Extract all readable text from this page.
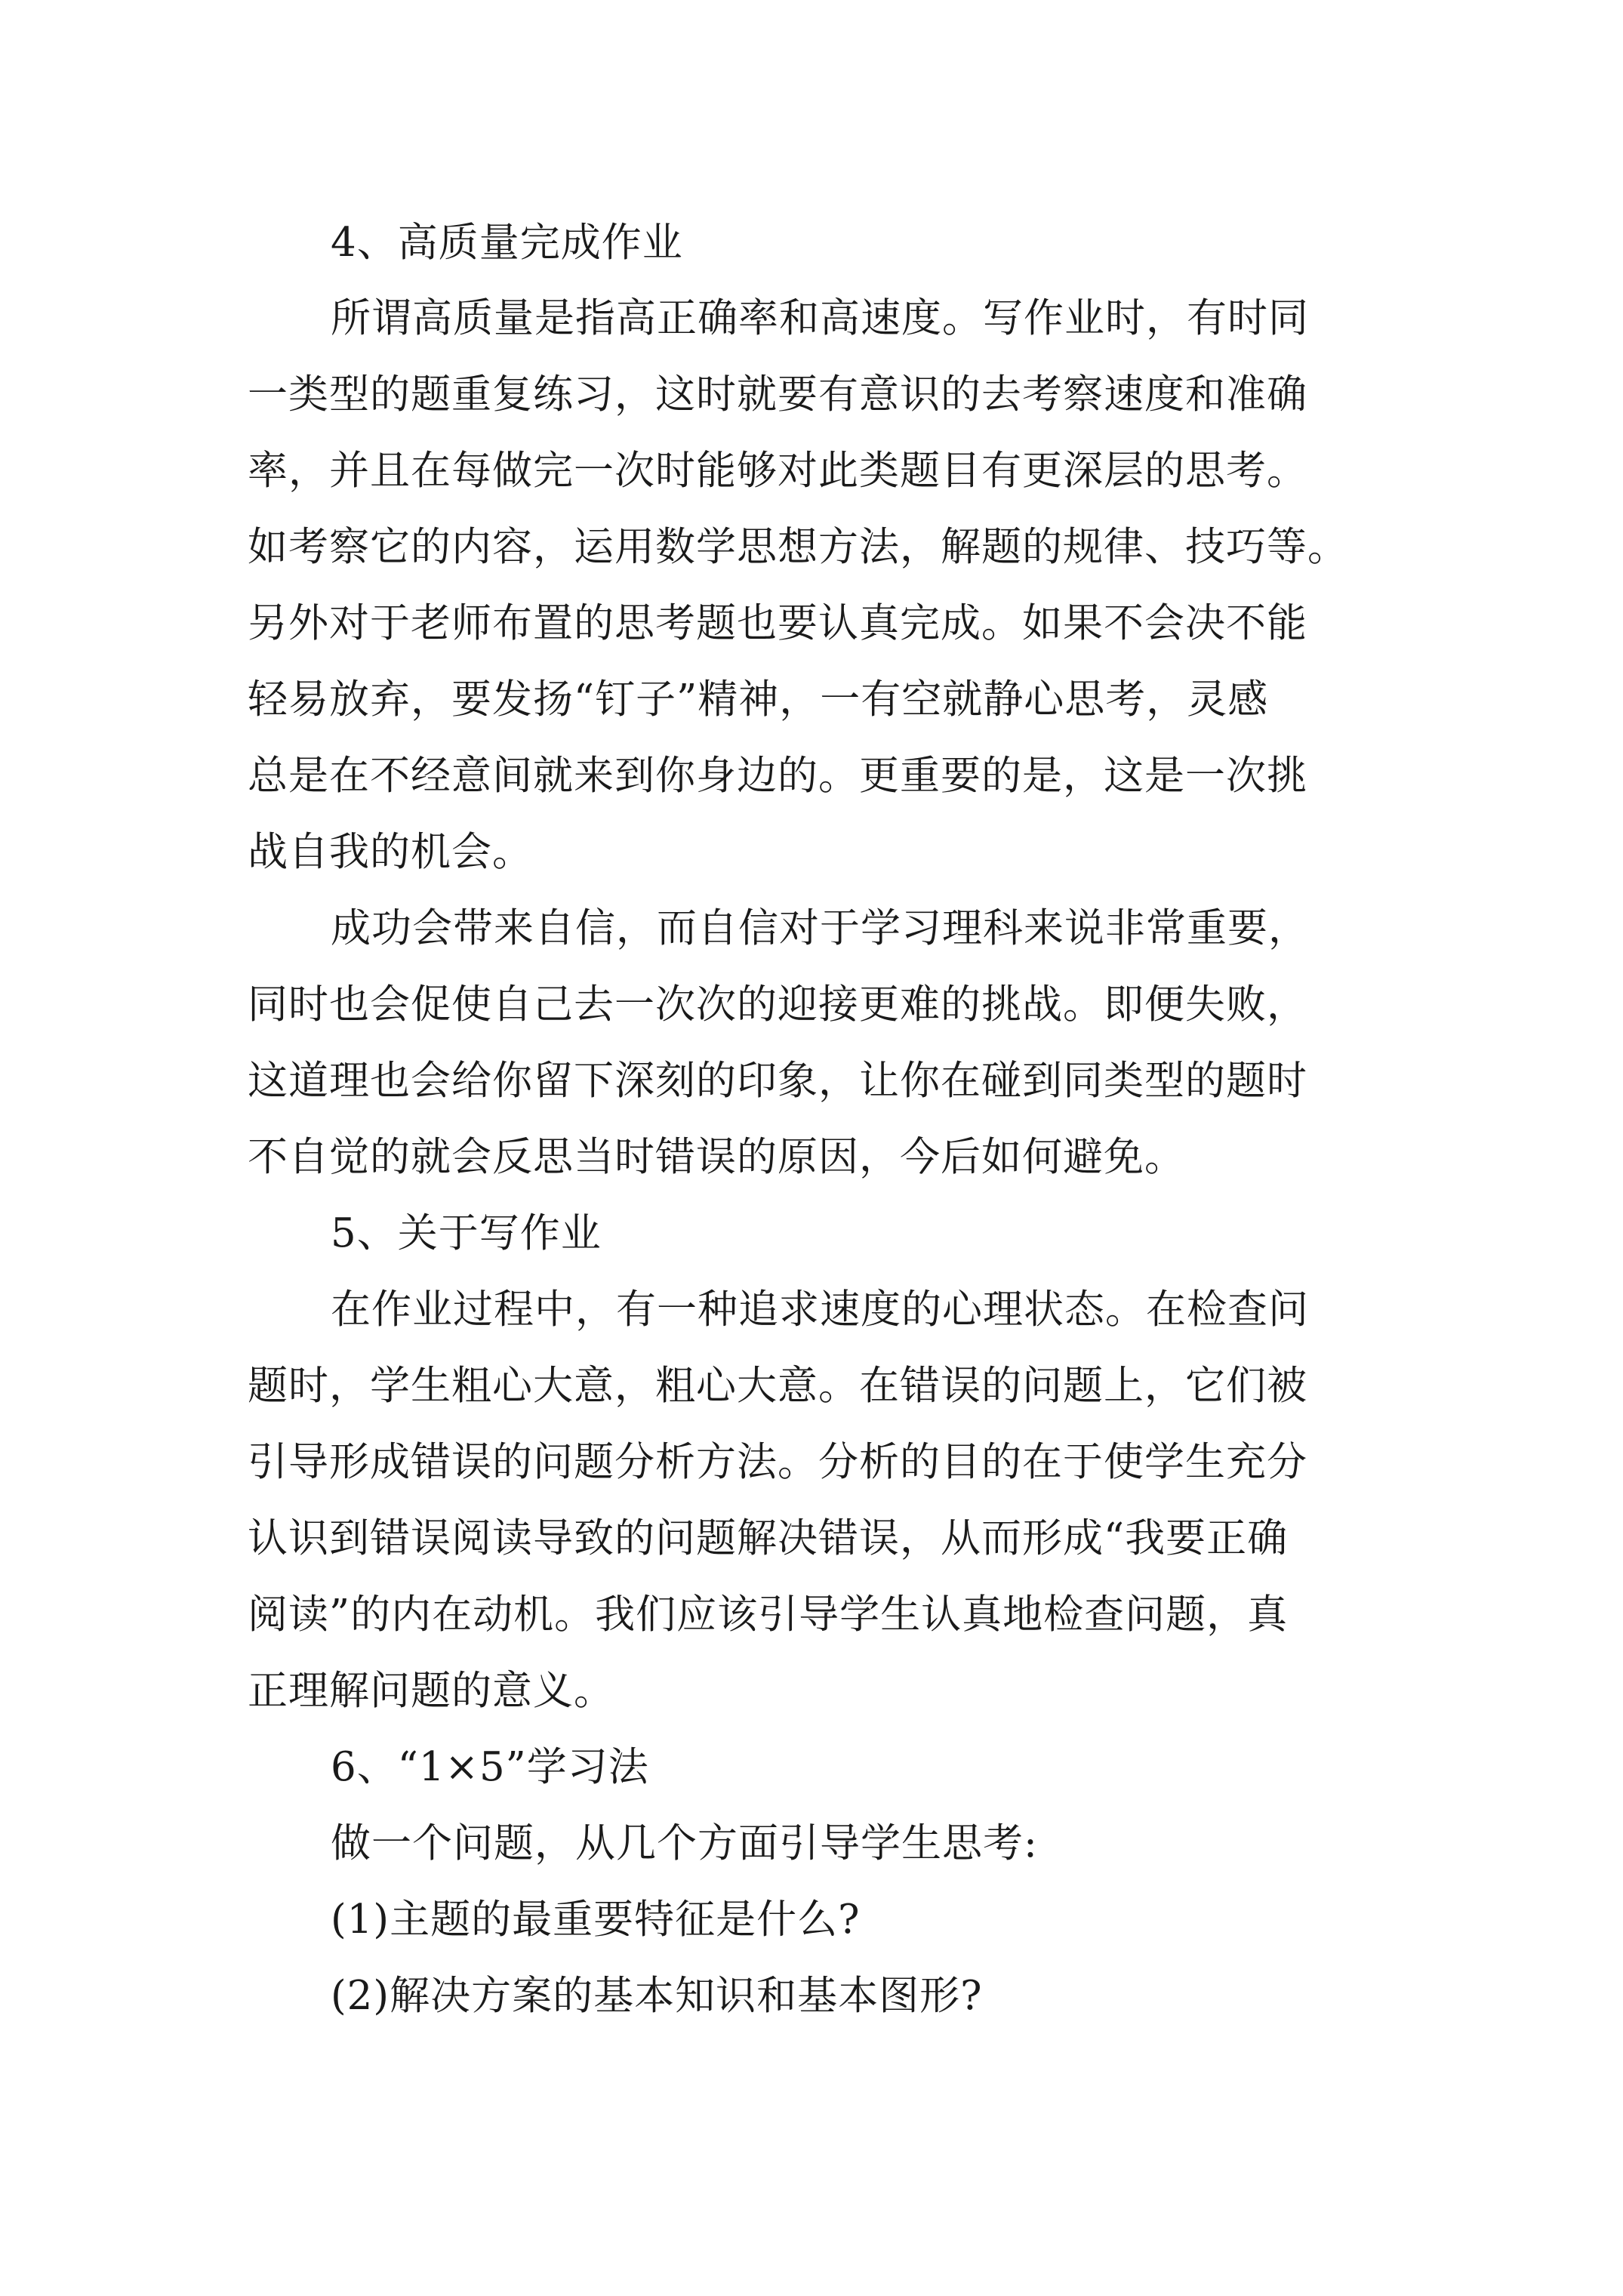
4、高质量完成作业
所谓高质量是指高正确率和高速度。写作业时，有时同
一类型的题重复练习，这时就要有意识的去考察速度和准确
率，并且在每做完一次时能够对此类题目有更深层的思考。
如考察它的内容，运用数学思想方法，解题的规律、技巧等。
另外对于老师布置的思考题也要认真完成。如果不会决不能
轻易放弃，要发扬“钉子”精神，一有空就静心思考，灵感
总是在不经意间就来到你身边的。更重要的是，这是一次挑
战自我的机会。
成功会带来自信，而自信对于学习理科来说非常重要，
同时也会促使自己去一次次的迎接更难的挑战。即便失败，
这道理也会给你留下深刻的印象，让你在碰到同类型的题时
不自觉的就会反思当时错误的原因，今后如何避免。
5、关于写作业
在作业过程中，有一种追求速度的心理状态。在检查问
题时，学生粗心大意，粗心大意。在错误的问题上，它们被
引导形成错误的问题分析方法。分析的目的在于使学生充分
认识到错误阅读导致的问题解决错误，从而形成“我要正确
阅读”的内在动机。我们应该引导学生认真地检查问题，真
正理解问题的意义。
6、“1×5”学习法
做一个问题，从几个方面引导学生思考:
(1)主题的最重要特征是什么?
(2)解决方案的基本知识和基本图形?
